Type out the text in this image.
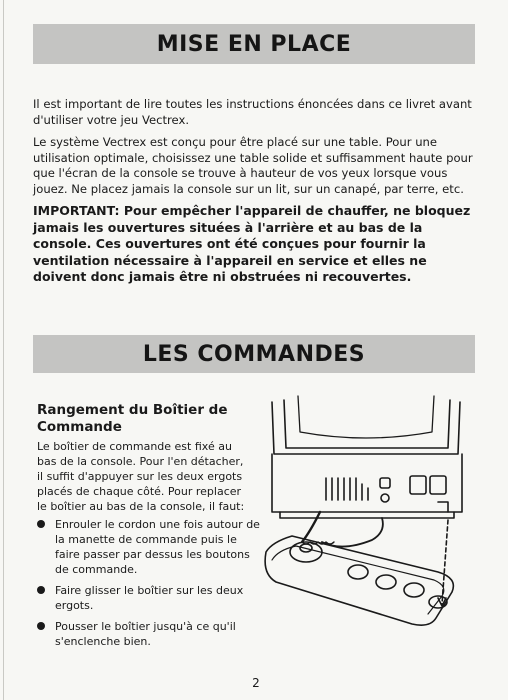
MISE EN PLACE

Il est important de lire toutes les instructions énoncées dans ce livret avant d'utiliser votre jeu Vectrex.

Le système Vectrex est conçu pour être placé sur une table. Pour une utilisation optimale, choisissez une table solide et suffisamment haute pour que l'écran de la console se trouve à hauteur de vos yeux lorsque vous jouez. Ne placez jamais la console sur un lit, sur un canapé, par terre, etc.

IMPORTANT: Pour empêcher l'appareil de chauffer, ne bloquez jamais les ouvertures situées à l'arrière et au bas de la console. Ces ouvertures ont été conçues pour fournir la ventilation nécessaire à l'appareil en service et elles ne doivent donc jamais être ni obstruées ni recouvertes.

LES COMMANDES
Rangement du Boîtier de Commande

Le boîtier de commande est fixé au bas de la console. Pour l'en détacher, il suffit d'appuyer sur les deux ergots placés de chaque côté. Pour replacer le boîtier au bas de la console, il faut:

Enrouler le cordon une fois autour de la manette de commande puis le faire passer par dessus les boutons de commande.
Faire glisser le boîtier sur les deux ergots.
Pousser le boîtier jusqu'à ce qu'il s'enclenche bien.
2
